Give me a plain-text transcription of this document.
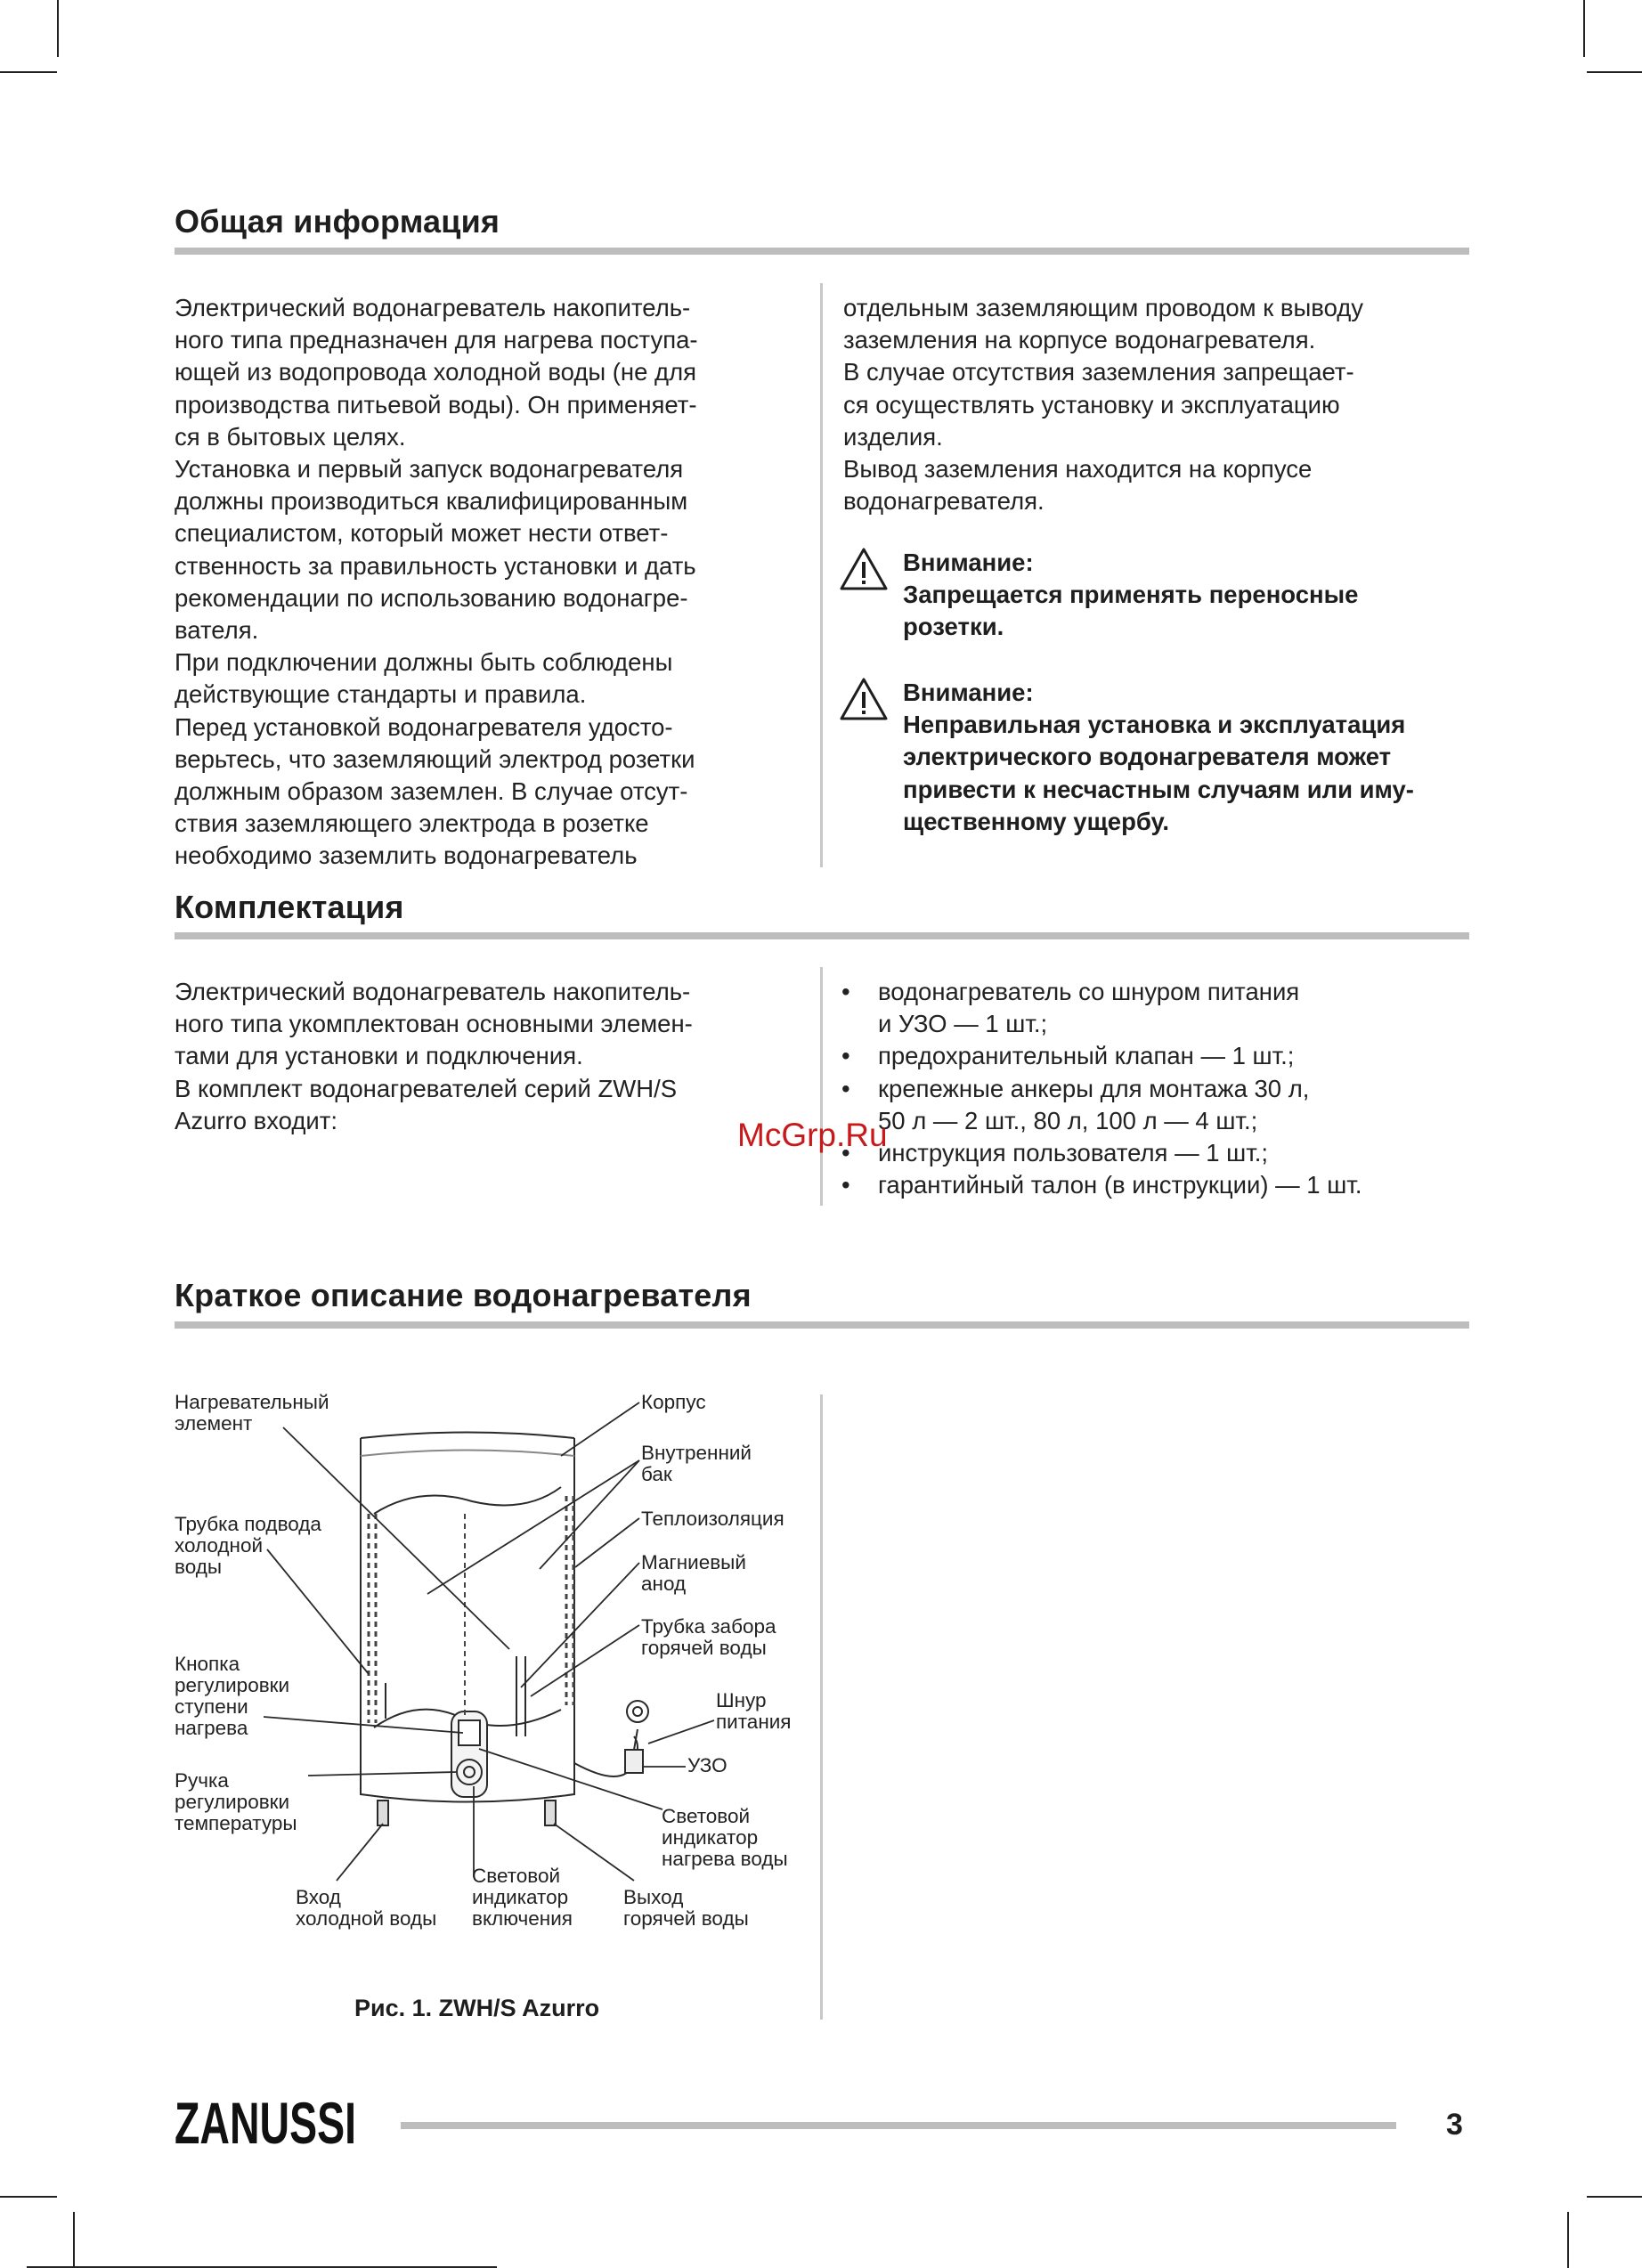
Общая информация

Электрический водонагреватель накопитель-

ного типа предназначен для нагрева поступа-

ющей из водопровода холодной воды (не для

производства питьевой воды). Он применяет-

ся в бытовых целях.

Установка и первый запуск водонагревателя

должны производиться квалифицированным

специалистом, который может нести ответ-

ственность за правильность установки и дать

рекомендации по использованию водонагре-

вателя.

При подключении должны быть соблюдены

действующие стандарты и правила.

Перед установкой водонагревателя удосто-

верьтесь, что заземляющий электрод розетки

должным образом заземлен. В случае отсут-

ствия заземляющего электрода в розетке

необходимо заземлить водонагреватель

отдельным заземляющим проводом к выводу

заземления на корпусе водонагревателя.

В случае отсутствия заземления запрещает-

ся осуществлять установку и эксплуатацию

изделия.

Вывод заземления находится на корпусе

водонагревателя.

Внимание:

Запрещается применять переносные

розетки.

Внимание:

Неправильная установка и эксплуатация

электрического водонагревателя может

привести к несчастным случаям или иму-

щественному ущербу.

Комплектация

Электрический водонагреватель накопитель-

ного типа укомплектован основными элемен-

тами для установки и подключения.

В комплект водонагревателей серий ZWH/S

Azurro входит:

• водонагреватель со шнуром питания
и УЗО — 1 шт.;
• предохранительный клапан — 1 шт.;
• крепежные анкеры для монтажа 30 л,
50 л — 2 шт., 80 л, 100 л — 4 шт.;
• инструкция пользователя — 1 шт.;
• гарантийный талон (в инструкции) — 1 шт.
McGrp.Ru
Краткое описание водонагревателя

Нагревательный

элемент

Трубка подвода

холодной

воды

Кнопка

регулировки

ступени

нагрева

Ручка

регулировки

температуры

Вход

холодной воды

Световой

индикатор

включения

Выход

горячей воды

Корпус

Внутренний

бак

Теплоизоляция

Магниевый

анод

Трубка забора

горячей воды

Шнур

питания

УЗО

Световой

индикатор

нагрева воды

Рис. 1. ZWH/S Azurro
ZANUSSI	3
